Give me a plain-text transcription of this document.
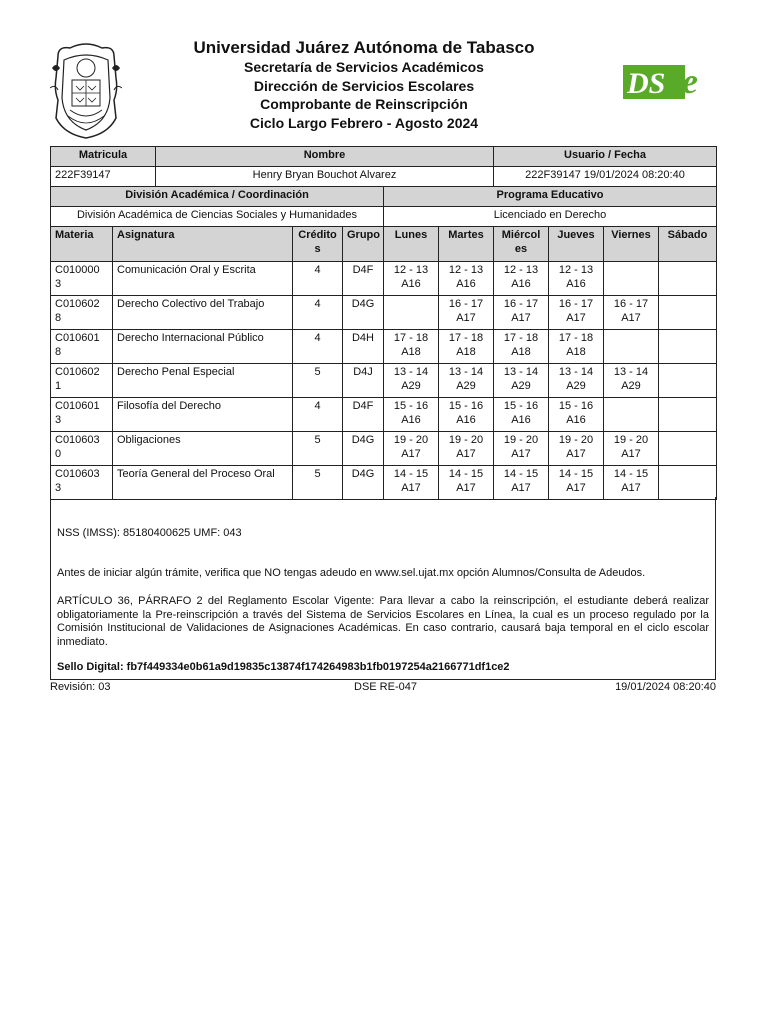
Universidad Juárez Autónoma de Tabasco
Secretaría de Servicios Académicos
Dirección de Servicios Escolares
Comprobante de Reinscripción
Ciclo Largo Febrero - Agosto 2024
DS e
Matricula	Nombre	Usuario / Fecha
222F39147	Henry Bryan Bouchot Alvarez	222F39147 19/01/2024 08:20:40
División Académica / Coordinación	Programa Educativo
División Académica de Ciencias Sociales y Humanidades	Licenciado en Derecho
Materia	Asignatura	Crédito s	Grupo	Lunes	Martes	Miércol es	Jueves	Viernes	Sábado
C010000 3	Comunicación Oral y Escrita	4	D4F	12 - 13 A16	12 - 13 A16	12 - 13 A16	12 - 13 A16		
C010602 8	Derecho Colectivo del Trabajo	4	D4G		16 - 17 A17	16 - 17 A17	16 - 17 A17	16 - 17 A17	
C010601 8	Derecho Internacional Público	4	D4H	17 - 18 A18	17 - 18 A18	17 - 18 A18	17 - 18 A18		
C010602 1	Derecho Penal Especial	5	D4J	13 - 14 A29	13 - 14 A29	13 - 14 A29	13 - 14 A29	13 - 14 A29	
C010601 3	Filosofía del Derecho	4	D4F	15 - 16 A16	15 - 16 A16	15 - 16 A16	15 - 16 A16		
C010603 0	Obligaciones	5	D4G	19 - 20 A17	19 - 20 A17	19 - 20 A17	19 - 20 A17	19 - 20 A17	
C010603 3	Teoría General del Proceso Oral	5	D4G	14 - 15 A17	14 - 15 A17	14 - 15 A17	14 - 15 A17	14 - 15 A17	

NSS (IMSS): 85180400625 UMF: 043

Antes de iniciar algún trámite, verifica que NO tengas adeudo en www.sel.ujat.mx opción Alumnos/Consulta de Adeudos.

ARTÍCULO 36, PÁRRAFO 2 del Reglamento Escolar Vigente: Para llevar a cabo la reinscripción, el estudiante deberá realizar obligatoriamente la Pre-reinscripción a través del Sistema de Servicios Escolares en Línea, la cual es un proceso regulado por la Comisión Institucional de Validaciones de Asignaciones Académicas. En caso contrario, causará baja temporal en el ciclo escolar inmediato.

Sello Digital: fb7f449334e0b61a9d19835c13874f174264983b1fb0197254a2166771df1ce2

Revisión: 03	DSE RE-047	19/01/2024 08:20:40
